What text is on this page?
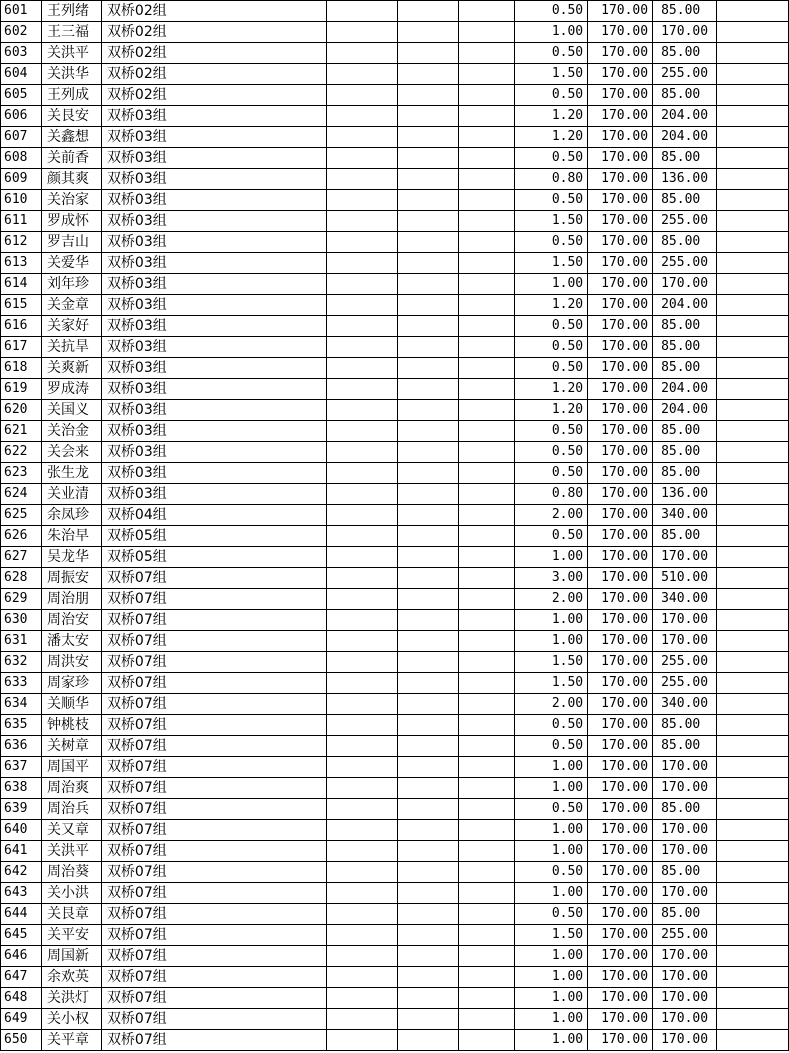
601	王列绪	双桥02组				0.50	170.00	85.00	
602	王三福	双桥02组				1.00	170.00	170.00	
603	关洪平	双桥02组				0.50	170.00	85.00	
604	关洪华	双桥02组				1.50	170.00	255.00	
605	王列成	双桥02组				0.50	170.00	85.00	
606	关艮安	双桥03组				1.20	170.00	204.00	
607	关鑫想	双桥03组				1.20	170.00	204.00	
608	关前香	双桥03组				0.50	170.00	85.00	
609	颜其爽	双桥03组				0.80	170.00	136.00	
610	关治家	双桥03组				0.50	170.00	85.00	
611	罗成怀	双桥03组				1.50	170.00	255.00	
612	罗吉山	双桥03组				0.50	170.00	85.00	
613	关爱华	双桥03组				1.50	170.00	255.00	
614	刘年珍	双桥03组				1.00	170.00	170.00	
615	关金章	双桥03组				1.20	170.00	204.00	
616	关家好	双桥03组				0.50	170.00	85.00	
617	关抗旱	双桥03组				0.50	170.00	85.00	
618	关爽新	双桥03组				0.50	170.00	85.00	
619	罗成涛	双桥03组				1.20	170.00	204.00	
620	关国义	双桥03组				1.20	170.00	204.00	
621	关治金	双桥03组				0.50	170.00	85.00	
622	关会来	双桥03组				0.50	170.00	85.00	
623	张生龙	双桥03组				0.50	170.00	85.00	
624	关业清	双桥03组				0.80	170.00	136.00	
625	余凤珍	双桥04组				2.00	170.00	340.00	
626	朱治早	双桥05组				0.50	170.00	85.00	
627	吴龙华	双桥05组				1.00	170.00	170.00	
628	周振安	双桥07组				3.00	170.00	510.00	
629	周治朋	双桥07组				2.00	170.00	340.00	
630	周治安	双桥07组				1.00	170.00	170.00	
631	潘太安	双桥07组				1.00	170.00	170.00	
632	周洪安	双桥07组				1.50	170.00	255.00	
633	周家珍	双桥07组				1.50	170.00	255.00	
634	关顺华	双桥07组				2.00	170.00	340.00	
635	钟桃枝	双桥07组				0.50	170.00	85.00	
636	关树章	双桥07组				0.50	170.00	85.00	
637	周国平	双桥07组				1.00	170.00	170.00	
638	周治爽	双桥07组				1.00	170.00	170.00	
639	周治兵	双桥07组				0.50	170.00	85.00	
640	关又章	双桥07组				1.00	170.00	170.00	
641	关洪平	双桥07组				1.00	170.00	170.00	
642	周治葵	双桥07组				0.50	170.00	85.00	
643	关小洪	双桥07组				1.00	170.00	170.00	
644	关艮章	双桥07组				0.50	170.00	85.00	
645	关平安	双桥07组				1.50	170.00	255.00	
646	周国新	双桥07组				1.00	170.00	170.00	
647	余欢英	双桥07组				1.00	170.00	170.00	
648	关洪灯	双桥07组				1.00	170.00	170.00	
649	关小权	双桥07组				1.00	170.00	170.00	
650	关平章	双桥07组				1.00	170.00	170.00	
